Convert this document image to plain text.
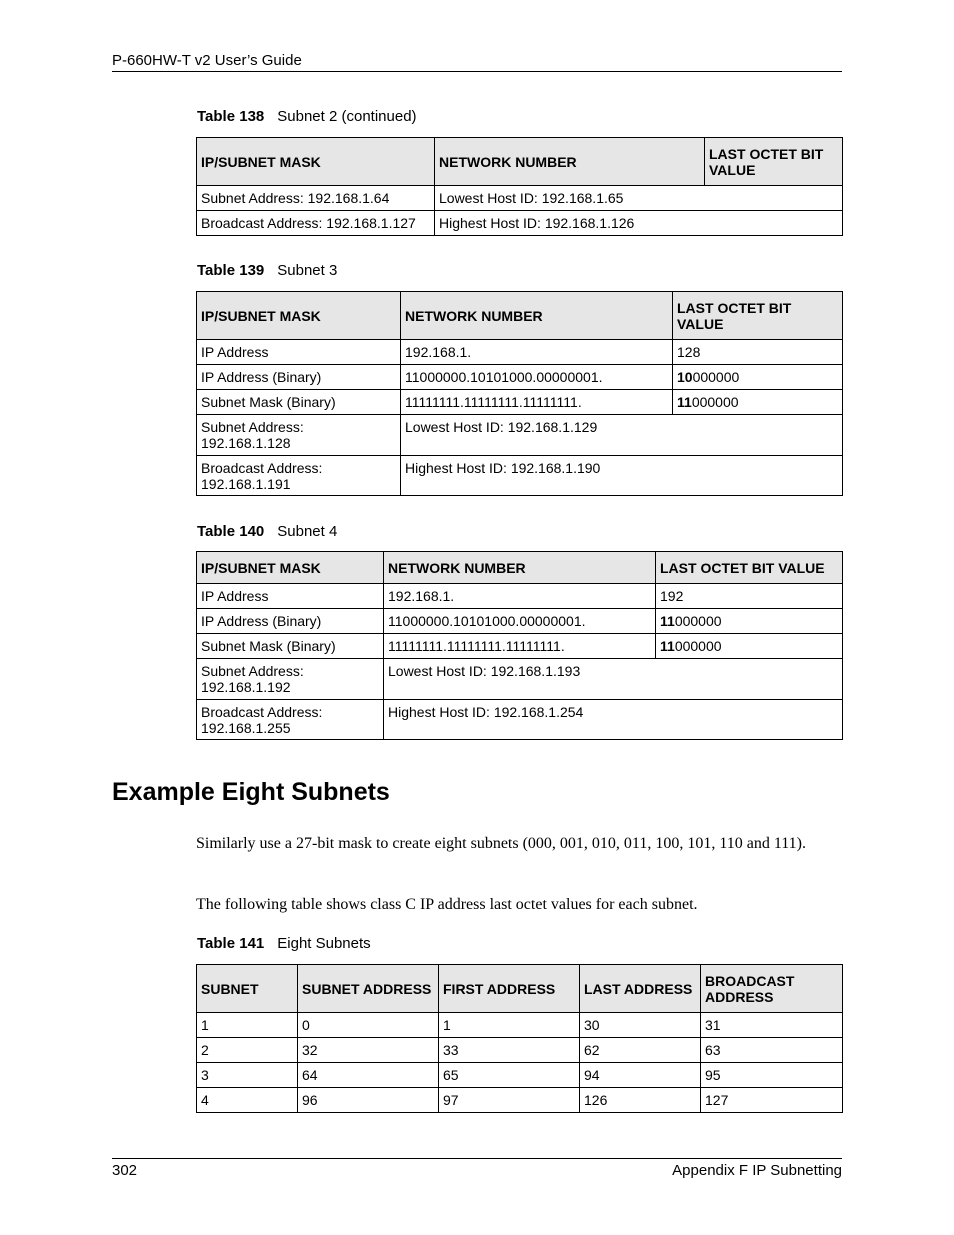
P-660HW-T v2 User’s Guide
Table 138 Subnet 2 (continued)
IP/SUBNET MASK	NETWORK NUMBER	LAST OCTET BIT VALUE
Subnet Address: 192.168.1.64	Lowest Host ID: 192.168.1.65	
Broadcast Address: 192.168.1.127	Highest Host ID: 192.168.1.126	
Table 139 Subnet 3
IP/SUBNET MASK	NETWORK NUMBER	LAST OCTET BIT VALUE
IP Address	192.168.1.	128
IP Address (Binary)	11000000.10101000.00000001.	10000000
Subnet Mask (Binary)	11111111.11111111.11111111.	11000000
Subnet Address: 192.168.1.128	Lowest Host ID: 192.168.1.129	
Broadcast Address: 192.168.1.191	Highest Host ID: 192.168.1.190	
Table 140 Subnet 4
IP/SUBNET MASK	NETWORK NUMBER	LAST OCTET BIT VALUE
IP Address	192.168.1.	192
IP Address (Binary)	11000000.10101000.00000001.	11000000
Subnet Mask (Binary)	11111111.11111111.11111111.	11000000
Subnet Address: 192.168.1.192	Lowest Host ID: 192.168.1.193	
Broadcast Address: 192.168.1.255	Highest Host ID: 192.168.1.254	
Example Eight Subnets

Similarly use a 27-bit mask to create eight subnets (000, 001, 010, 011, 100, 101, 110 and 111).

The following table shows class C IP address last octet values for each subnet.

Table 141 Eight Subnets
SUBNET	SUBNET ADDRESS	FIRST ADDRESS	LAST ADDRESS	BROADCAST ADDRESS
1	0	1	30	31
2	32	33	62	63
3	64	65	94	95
4	96	97	126	127
302	Appendix F IP Subnetting
